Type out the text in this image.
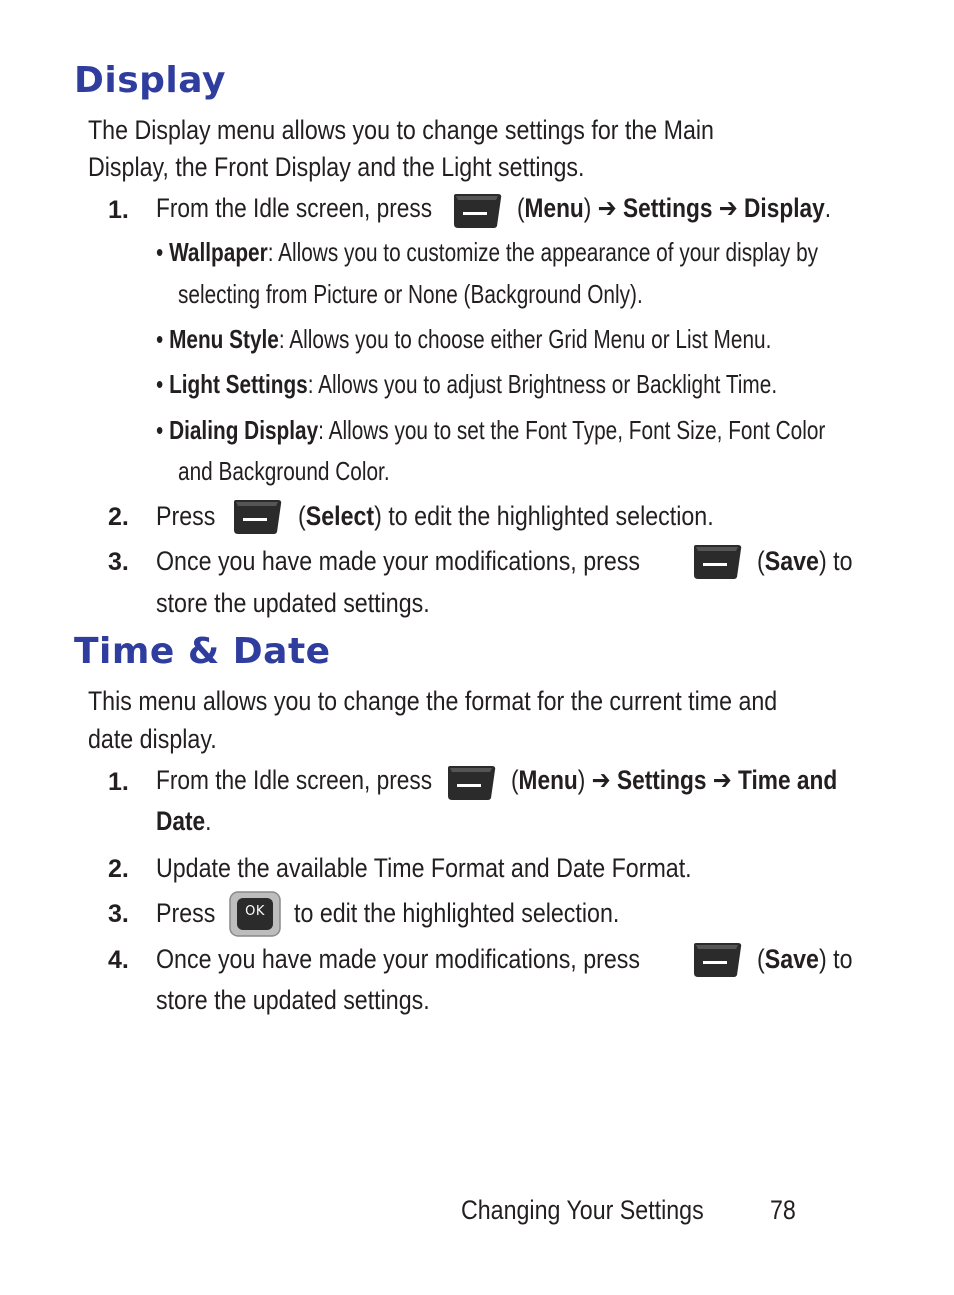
Display
The Display menu allows you to change settings for the Main
Display, the Front Display and the Light settings.
1. From the Idle screen, press	(Menu) ➔ Settings ➔ Display.
• Wallpaper: Allows you to customize the appearance of your display by
selecting from Picture or None (Background Only).
• Menu Style: Allows you to choose either Grid Menu or List Menu.
• Light Settings: Allows you to adjust Brightness or Backlight Time.
• Dialing Display: Allows you to set the Font Type, Font Size, Font Color
and Background Color.
2. Press	(Select) to edit the highlighted selection.
3. Once you have made your modifications, press	(Save) to
store the updated settings.
Time & Date
This menu allows you to change the format for the current time and
date display.
1. From the Idle screen, press	(Menu) ➔ Settings ➔ Time and
Date.
2. Update the available Time Format and Date Format.
3. Press	OK	to edit the highlighted selection.
4. Once you have made your modifications, press	(Save) to
store the updated settings.
Changing Your Settings 78
